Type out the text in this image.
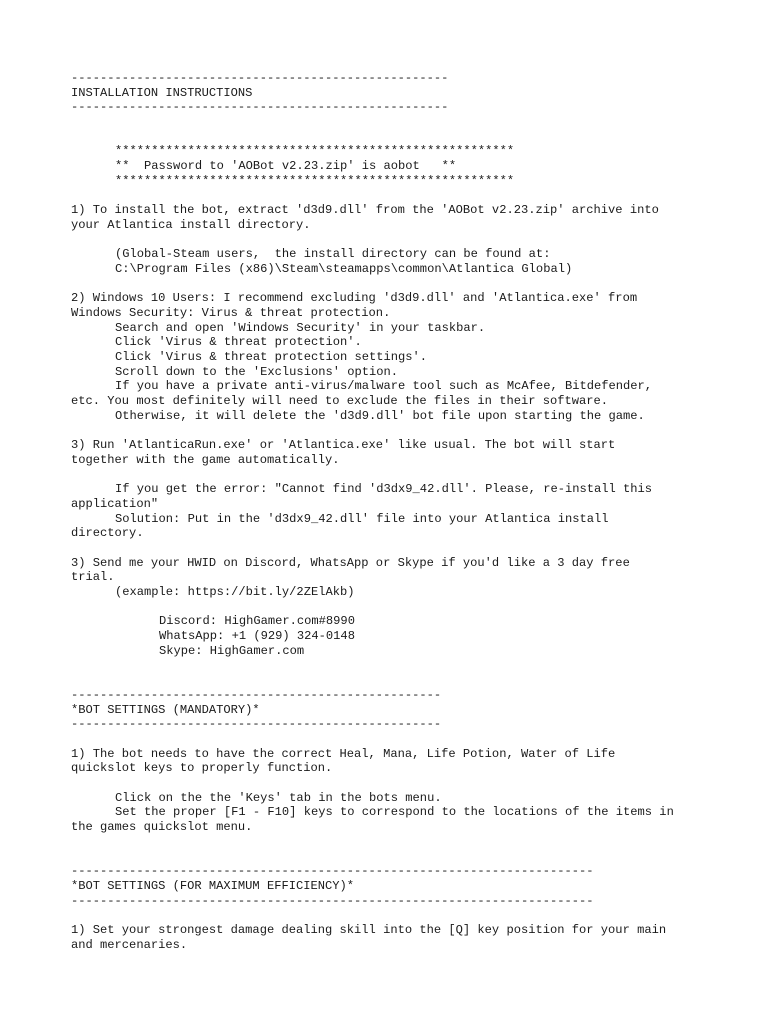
----------------------------------------------------
INSTALLATION INSTRUCTIONS
----------------------------------------------------
*******************************************************
**  Password to 'AOBot v2.23.zip' is aobot   **
*******************************************************
1) To install the bot, extract 'd3d9.dll' from the 'AOBot v2.23.zip' archive into
your Atlantica install directory.
(Global-Steam users,  the install directory can be found at:
C:\Program Files (x86)\Steam\steamapps\common\Atlantica Global)
2) Windows 10 Users: I recommend excluding 'd3d9.dll' and 'Atlantica.exe' from
Windows Security: Virus & threat protection.
Search and open 'Windows Security' in your taskbar.
Click 'Virus & threat protection'.
Click 'Virus & threat protection settings'.
Scroll down to the 'Exclusions' option.
If you have a private anti-virus/malware tool such as McAfee, Bitdefender,
etc. You most definitely will need to exclude the files in their software.
Otherwise, it will delete the 'd3d9.dll' bot file upon starting the game.
3) Run 'AtlanticaRun.exe' or 'Atlantica.exe' like usual. The bot will start
together with the game automatically.
If you get the error: "Cannot find 'd3dx9_42.dll'. Please, re-install this
application"
Solution: Put in the 'd3dx9_42.dll' file into your Atlantica install
directory.
3) Send me your HWID on Discord, WhatsApp or Skype if you'd like a 3 day free
trial.
(example: https://bit.ly/2ZElAkb)
Discord: HighGamer.com#8990
WhatsApp: +1 (929) 324-0148
Skype: HighGamer.com
---------------------------------------------------
*BOT SETTINGS (MANDATORY)*
---------------------------------------------------
1) The bot needs to have the correct Heal, Mana, Life Potion, Water of Life
quickslot keys to properly function.
Click on the the 'Keys' tab in the bots menu.
Set the proper [F1 - F10] keys to correspond to the locations of the items in
the games quickslot menu.
------------------------------------------------------------------------
*BOT SETTINGS (FOR MAXIMUM EFFICIENCY)*
------------------------------------------------------------------------
1) Set your strongest damage dealing skill into the [Q] key position for your main
and mercenaries.
